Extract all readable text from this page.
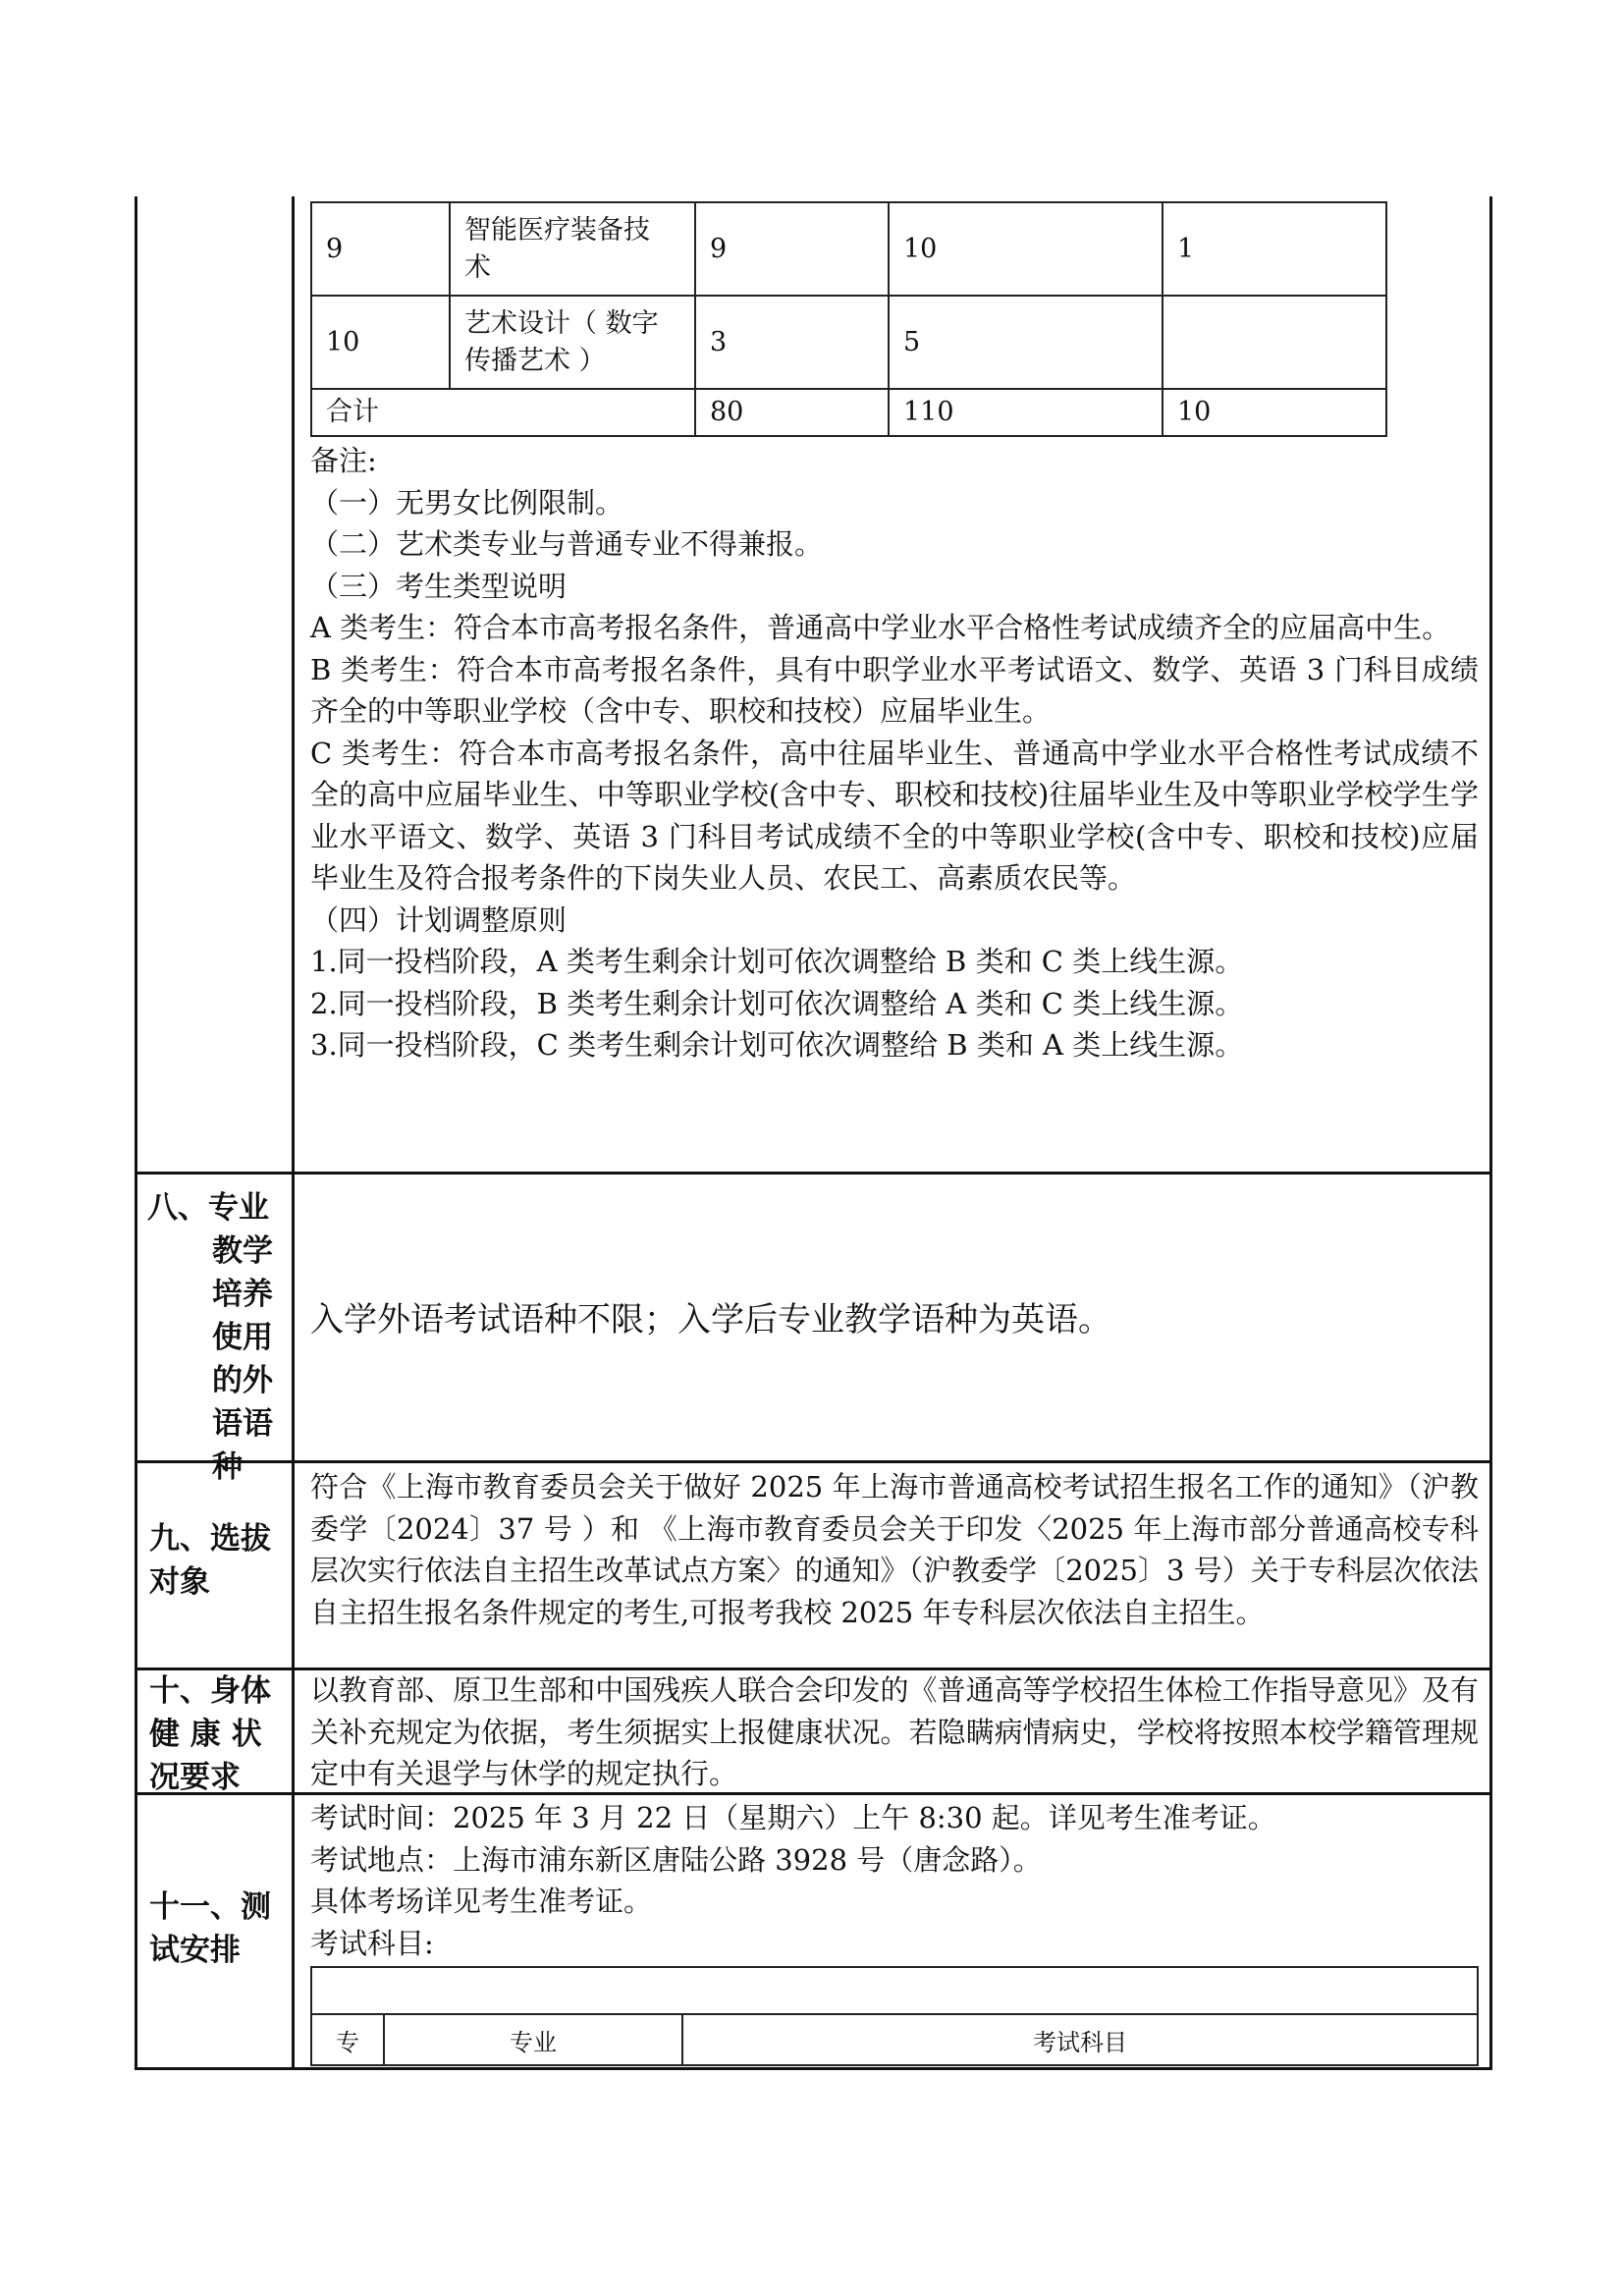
9	智能医疗装备技
术	9	10	1
10	艺术设计（ 数字
传播艺术 ）	3	5	
合计		80	110	10

备注:

（一）无男女比例限制。

（二）艺术类专业与普通专业不得兼报。

（三）考生类型说明

A 类考生：符合本市高考报名条件，普通高中学业水平合格性考试成绩齐全的应届高中生。

B 类考生：符合本市高考报名条件，具有中职学业水平考试语文、数学、英语 3 门科目成绩齐全的中等职业学校（含中专、职校和技校）应届毕业生。

C 类考生：符合本市高考报名条件，高中往届毕业生、普通高中学业水平合格性考试成绩不全的高中应届毕业生、中等职业学校(含中专、职校和技校)往届毕业生及中等职业学校学生学业水平语文、数学、英语 3 门科目考试成绩不全的中等职业学校(含中专、职校和技校)应届毕业生及符合报考条件的下岗失业人员、农民工、高素质农民等。

（四）计划调整原则

1.同一投档阶段，A 类考生剩余计划可依次调整给 B 类和 C 类上线生源。

2.同一投档阶段，B 类考生剩余计划可依次调整给 A 类和 C 类上线生源。

3.同一投档阶段，C 类考生剩余计划可依次调整给 B 类和 A 类上线生源。

八、专业
教学
培养
使用
的外
语语
种
入学外语考试语种不限；入学后专业教学语种为英语。
九、选拔
对象
符合《上海市教育委员会关于做好 2025 年上海市普通高校考试招生报名工作的通知》（沪教委学〔2024〕37 号 ）和 《上海市教育委员会关于印发〈2025 年上海市部分普通高校专科层次实行依法自主招生改革试点方案〉的通知》（沪教委学〔2025〕3 号）关于专科层次依法自主招生报名条件规定的考生,可报考我校 2025 年专科层次依法自主招生。
十、身体
健 康 状
况要求
以教育部、原卫生部和中国残疾人联合会印发的《普通高等学校招生体检工作指导意见》及有关补充规定为依据，考生须据实上报健康状况。若隐瞒病情病史，学校将按照本校学籍管理规定中有关退学与休学的规定执行。
十一、测
试安排

考试时间：2025 年 3 月 22 日（星期六）上午 8:30 起。详见考生准考证。

考试地点：上海市浦东新区唐陆公路 3928 号（唐念路）。

具体考场详见考生准考证。

考试科目:

专	专业	考试科目
